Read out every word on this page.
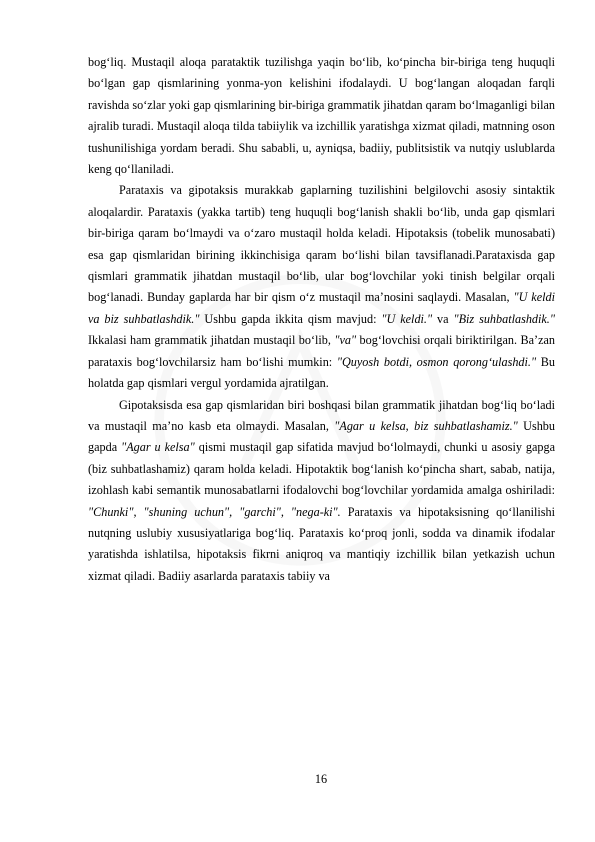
bog‘liq. Mustaqil aloqa parataktik tuzilishga yaqin bo‘lib, ko‘pincha bir-biriga teng huquqli bo‘lgan gap qismlarining yonma-yon kelishini ifodalaydi. U bog‘langan aloqadan farqli ravishda so‘zlar yoki gap qismlarining bir-biriga grammatik jihatdan qaram bo‘lmaganligi bilan ajralib turadi. Mustaqil aloqa tilda tabiiylik va izchillik yaratishga xizmat qiladi, matnning oson tushunilishiga yordam beradi. Shu sababli, u, ayniqsa, badiiy, publitsistik va nutqiy uslublarda keng qo‘llaniladi.

Parataxis va gipotaksis murakkab gaplarning tuzilishini belgilovchi asosiy sintaktik aloqalardir. Parataxis (yakka tartib) teng huquqli bog‘lanish shakli bo‘lib, unda gap qismlari bir-biriga qaram bo‘lmaydi va o‘zaro mustaqil holda keladi. Hipotaksis (tobelik munosabati) esa gap qismlaridan birining ikkinchisiga qaram bo‘lishi bilan tavsiflanadi.Parataxisda gap qismlari grammatik jihatdan mustaqil bo‘lib, ular bog‘lovchilar yoki tinish belgilar orqali bog‘lanadi. Bunday gaplarda har bir qism o‘z mustaqil ma’nosini saqlaydi. Masalan, "U keldi va biz suhbatlashdik." Ushbu gapda ikkita qism mavjud: "U keldi." va "Biz suhbatlashdik." Ikkalasi ham grammatik jihatdan mustaqil bo‘lib, "va" bog‘lovchisi orqali biriktirilgan. Ba’zan parataxis bog‘lovchilarsiz ham bo‘lishi mumkin: "Quyosh botdi, osmon qorong‘ulashdi." Bu holatda gap qismlari vergul yordamida ajratilgan.

Gipotaksisda esa gap qismlaridan biri boshqasi bilan grammatik jihatdan bog‘liq bo‘ladi va mustaqil ma’no kasb eta olmaydi. Masalan, "Agar u kelsa, biz suhbatlashamiz." Ushbu gapda "Agar u kelsa" qismi mustaqil gap sifatida mavjud bo‘lolmaydi, chunki u asosiy gapga (biz suhbatlashamiz) qaram holda keladi. Hipotaktik bog‘lanish ko‘pincha shart, sabab, natija, izohlash kabi semantik munosabatlarni ifodalovchi bog‘lovchilar yordamida amalga oshiriladi: "Chunki", "shuning uchun", "garchi", "nega-ki". Parataxis va hipotaksisning qo‘llanilishi nutqning uslubiy xususiyatlariga bog‘liq. Parataxis ko‘proq jonli, sodda va dinamik ifodalar yaratishda ishlatilsa, hipotaksis fikrni aniqroq va mantiqiy izchillik bilan yetkazish uchun xizmat qiladi. Badiiy asarlarda parataxis tabiiy va

16
